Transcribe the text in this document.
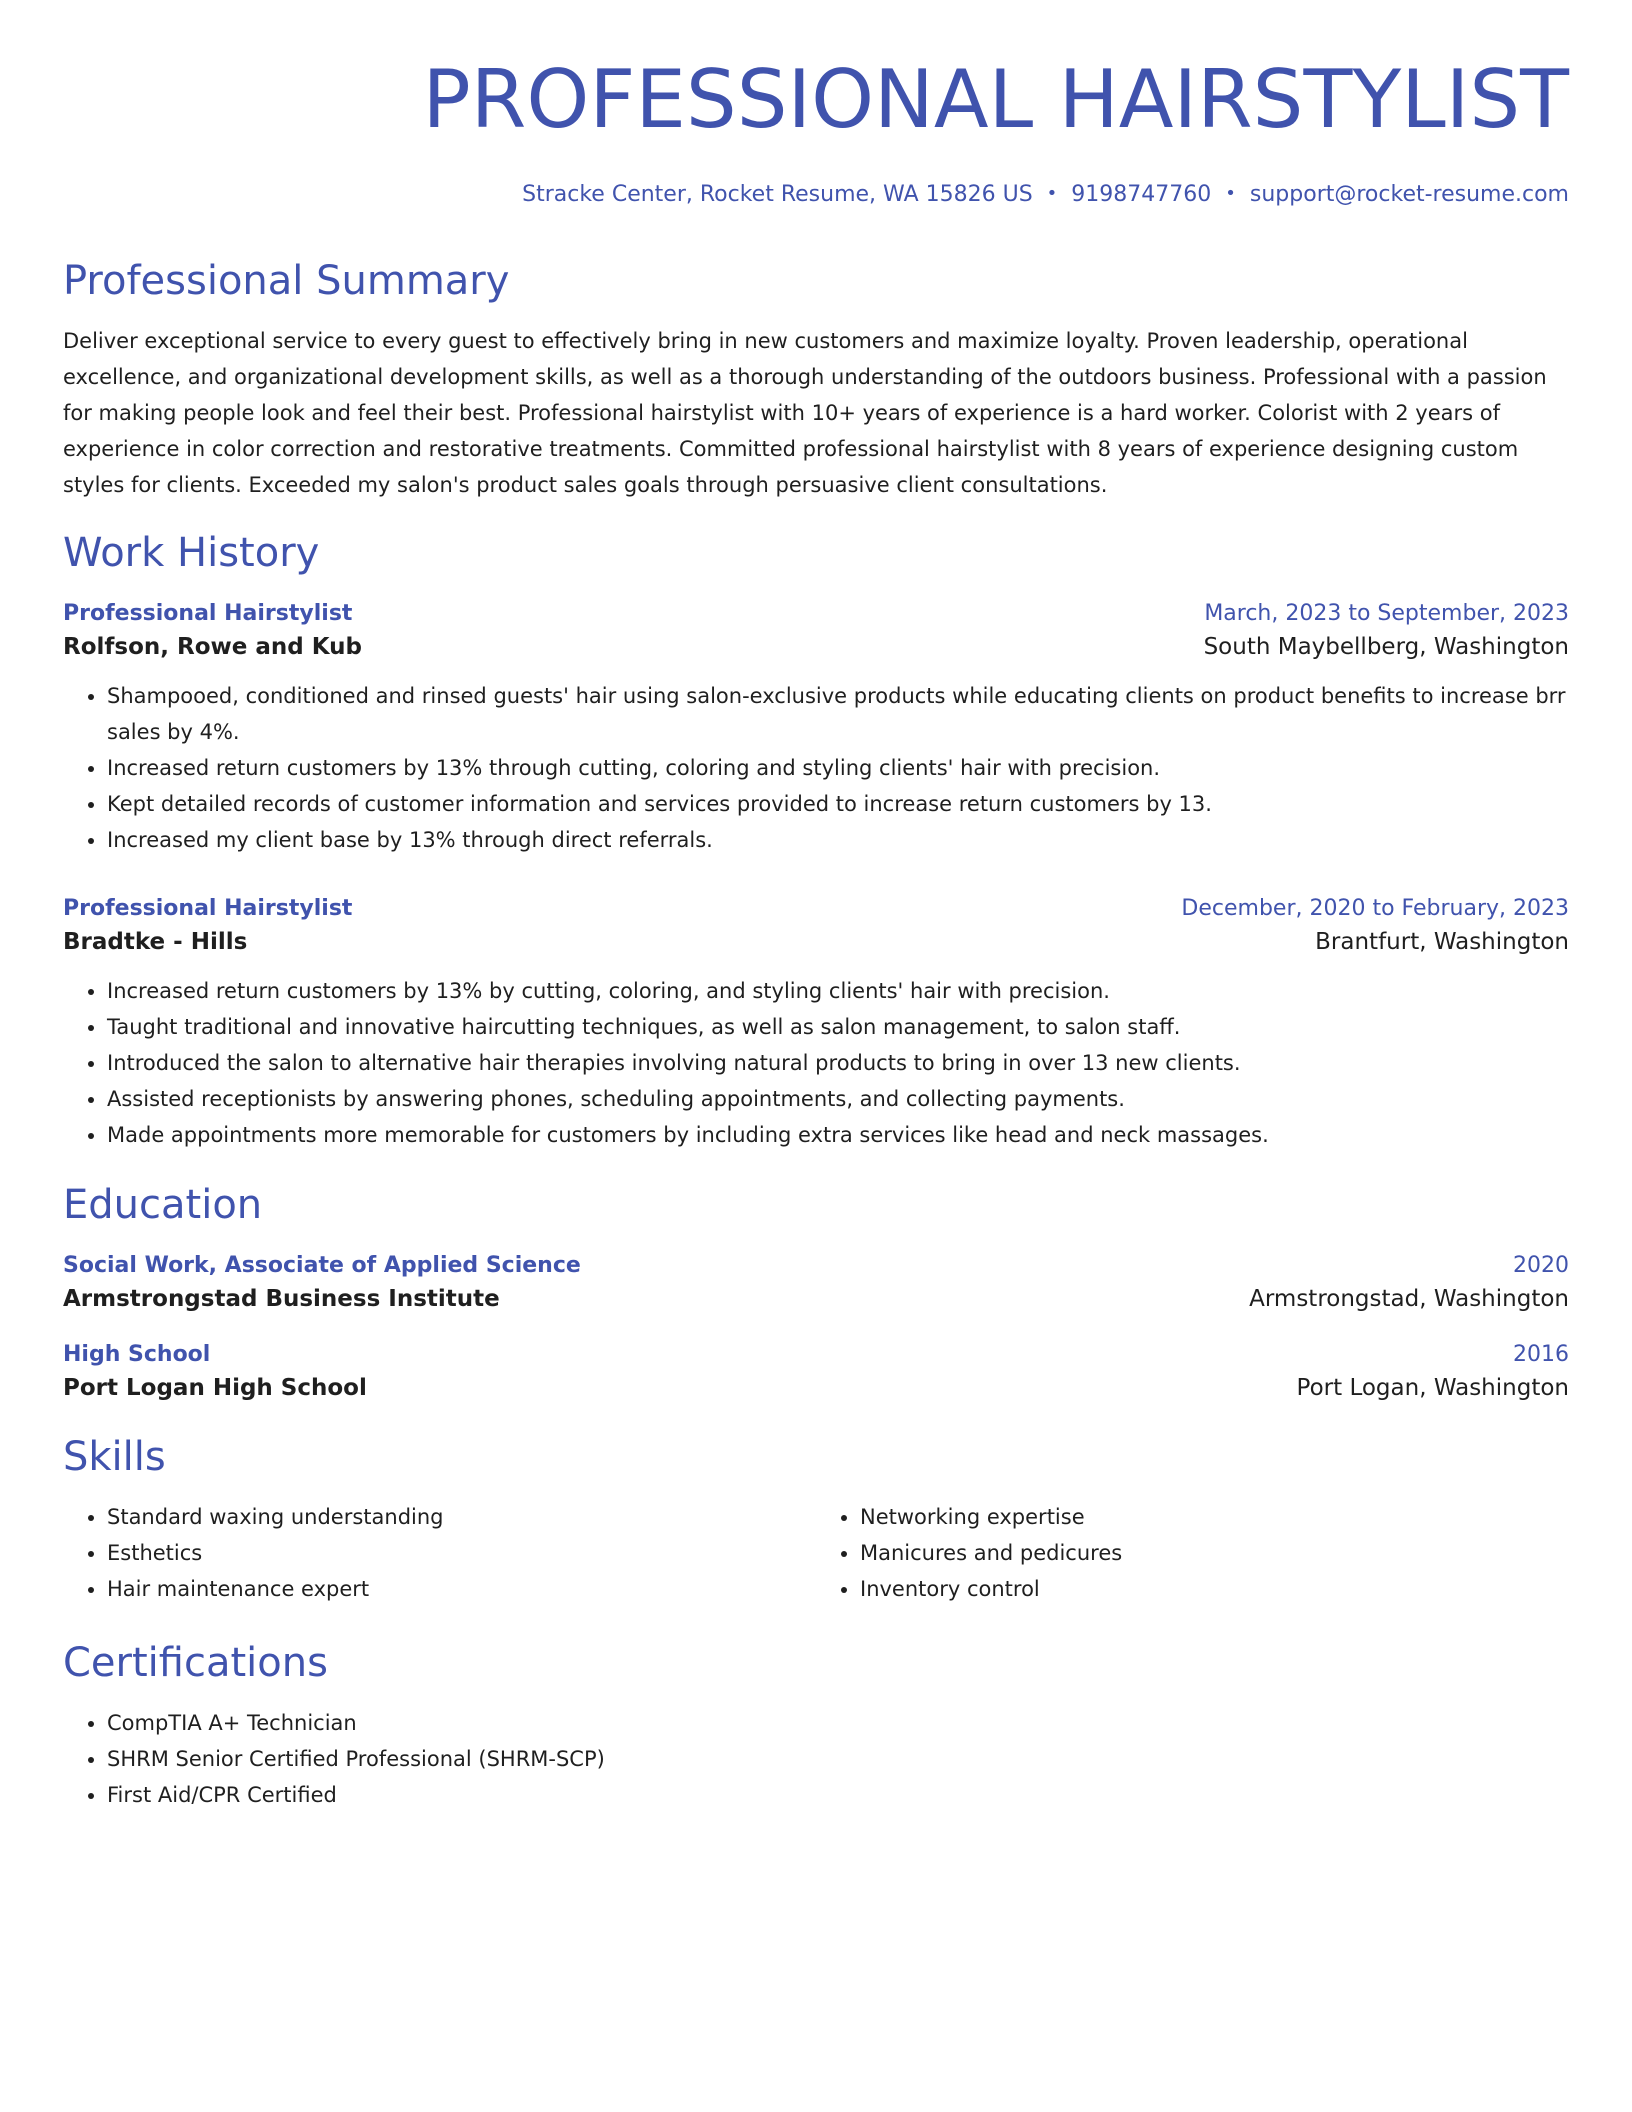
PROFESSIONAL HAIRSTYLIST
Stracke Center, Rocket Resume, WA 15826 US • 9198747760 • support@rocket-resume.com
Professional Summary

Deliver exceptional service to every guest to effectively bring in new customers and maximize loyalty. Proven leadership, operational excellence, and organizational development skills, as well as a thorough understanding of the outdoors business. Professional with a passion for making people look and feel their best. Professional hairstylist with 10+ years of experience is a hard worker. Colorist with 2 years of experience in color correction and restorative treatments. Committed professional hairstylist with 8 years of experience designing custom styles for clients. Exceeded my salon's product sales goals through persuasive client consultations.

Work History
Professional Hairstylist	March, 2023 to September, 2023
Rolfson, Rowe and Kub	South Maybellberg, Washington
• Shampooed, conditioned and rinsed guests' hair using salon-exclusive products while educating clients on product benefits to increase brr sales by 4%.
• Increased return customers by 13% through cutting, coloring and styling clients' hair with precision.
• Kept detailed records of customer information and services provided to increase return customers by 13.
• Increased my client base by 13% through direct referrals.
Professional Hairstylist	December, 2020 to February, 2023
Bradtke - Hills	Brantfurt, Washington
• Increased return customers by 13% by cutting, coloring, and styling clients' hair with precision.
• Taught traditional and innovative haircutting techniques, as well as salon management, to salon staff.
• Introduced the salon to alternative hair therapies involving natural products to bring in over 13 new clients.
• Assisted receptionists by answering phones, scheduling appointments, and collecting payments.
• Made appointments more memorable for customers by including extra services like head and neck massages.
Education
Social Work, Associate of Applied Science	2020
Armstrongstad Business Institute	Armstrongstad, Washington
High School	2016
Port Logan High School	Port Logan, Washington
Skills
• Standard waxing understanding
• Esthetics
• Hair maintenance expert
• Networking expertise
• Manicures and pedicures
• Inventory control
Certifications
• CompTIA A+ Technician
• SHRM Senior Certified Professional (SHRM-SCP)
• First Aid/CPR Certified
